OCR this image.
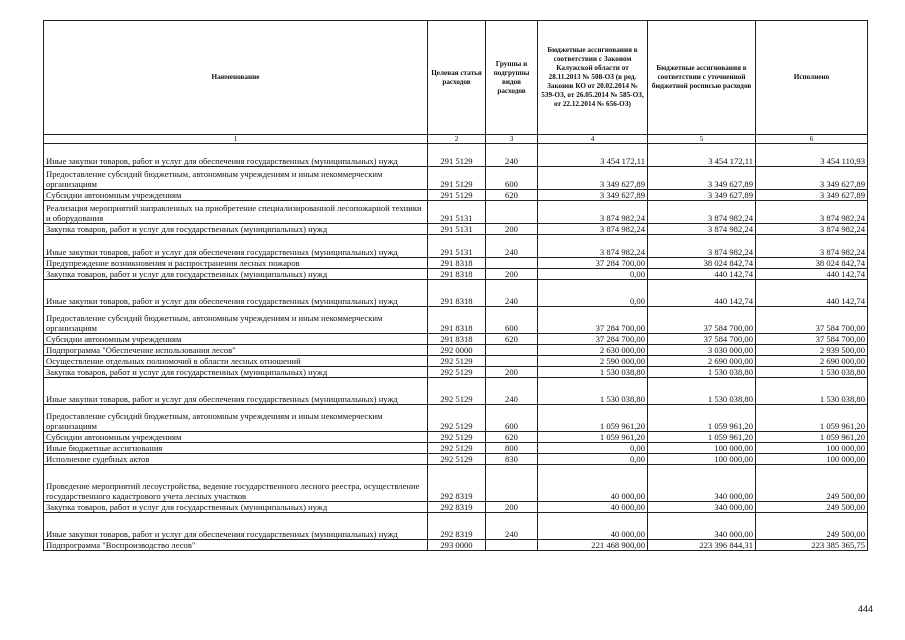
Наименование	Целевая статья расходов	Группы и подгруппы видов расходов	Бюджетные ассигнования в соответствии с Законом Калужской области от 28.11.2013 № 508-ОЗ (в ред. Законов КО от 20.02.2014 № 539-ОЗ, от 26.05.2014 № 585-ОЗ, от 22.12.2014 № 656-ОЗ)	Бюджетные ассигнования в соответствии с уточненной бюджетной росписью расходов	Исполнено
1	2	3	4	5	6
Иные закупки товаров, работ и услуг для обеспечения государственных (муниципальных) нужд	291 5129	240	3 454 172,11	3 454 172,11	3 454 110,93
Предоставление субсидий бюджетным, автономным учреждениям и иным некоммерческим организациям	291 5129	600	3 349 627,89	3 349 627,89	3 349 627,89
Субсидии автономным учреждениям	291 5129	620	3 349 627,89	3 349 627,89	3 349 627,89
Реализация мероприятий направленных на приобретение специализированной лесопожарной техники и оборудования	291 5131		3 874 982,24	3 874 982,24	3 874 982,24
Закупка товаров, работ и услуг для государственных (муниципальных) нужд	291 5131	200	3 874 982,24	3 874 982,24	3 874 982,24
Иные закупки товаров, работ и услуг для обеспечения государственных (муниципальных) нужд	291 5131	240	3 874 982,24	3 874 982,24	3 874 982,24
Предупреждение возникновения и распространения лесных пожаров	291 8318		37 284 700,00	38 024 842,74	38 024 842,74
Закупка товаров, работ и услуг для государственных (муниципальных) нужд	291 8318	200	0,00	440 142,74	440 142,74
Иные закупки товаров, работ и услуг для обеспечения государственных (муниципальных) нужд	291 8318	240	0,00	440 142,74	440 142,74
Предоставление субсидий бюджетным, автономным учреждениям и иным некоммерческим организациям	291 8318	600	37 284 700,00	37 584 700,00	37 584 700,00
Субсидии автономным учреждениям	291 8318	620	37 284 700,00	37 584 700,00	37 584 700,00
Подпрограмма "Обеспечение использования лесов"	292 0000		2 630 000,00	3 030 000,00	2 939 500,00
Осуществление отдельных полномочий в области лесных отношений	292 5129		2 590 000,00	2 690 000,00	2 690 000,00
Закупка товаров, работ и услуг для государственных (муниципальных) нужд	292 5129	200	1 530 038,80	1 530 038,80	1 530 038,80
Иные закупки товаров, работ и услуг для обеспечения государственных (муниципальных) нужд	292 5129	240	1 530 038,80	1 530 038,80	1 530 038,80
Предоставление субсидий бюджетным, автономным учреждениям и иным некоммерческим организациям	292 5129	600	1 059 961,20	1 059 961,20	1 059 961,20
Субсидии автономным учреждениям	292 5129	620	1 059 961,20	1 059 961,20	1 059 961,20
Иные бюджетные ассигнования	292 5129	800	0,00	100 000,00	100 000,00
Исполнение судебных актов	292 5129	830	0,00	100 000,00	100 000,00
Проведение мероприятий лесоустройства, ведение государственного лесного реестра, осуществление государственного кадастрового учета лесных участков	292 8319		40 000,00	340 000,00	249 500,00
Закупка товаров, работ и услуг для государственных (муниципальных) нужд	292 8319	200	40 000,00	340 000,00	249 500,00
Иные закупки товаров, работ и услуг для обеспечения государственных (муниципальных) нужд	292 8319	240	40 000,00	340 000,00	249 500,00
Подпрограмма "Воспроизводство лесов"	293 0000		221 468 900,00	223 396 844,31	223 385 365,75
444
